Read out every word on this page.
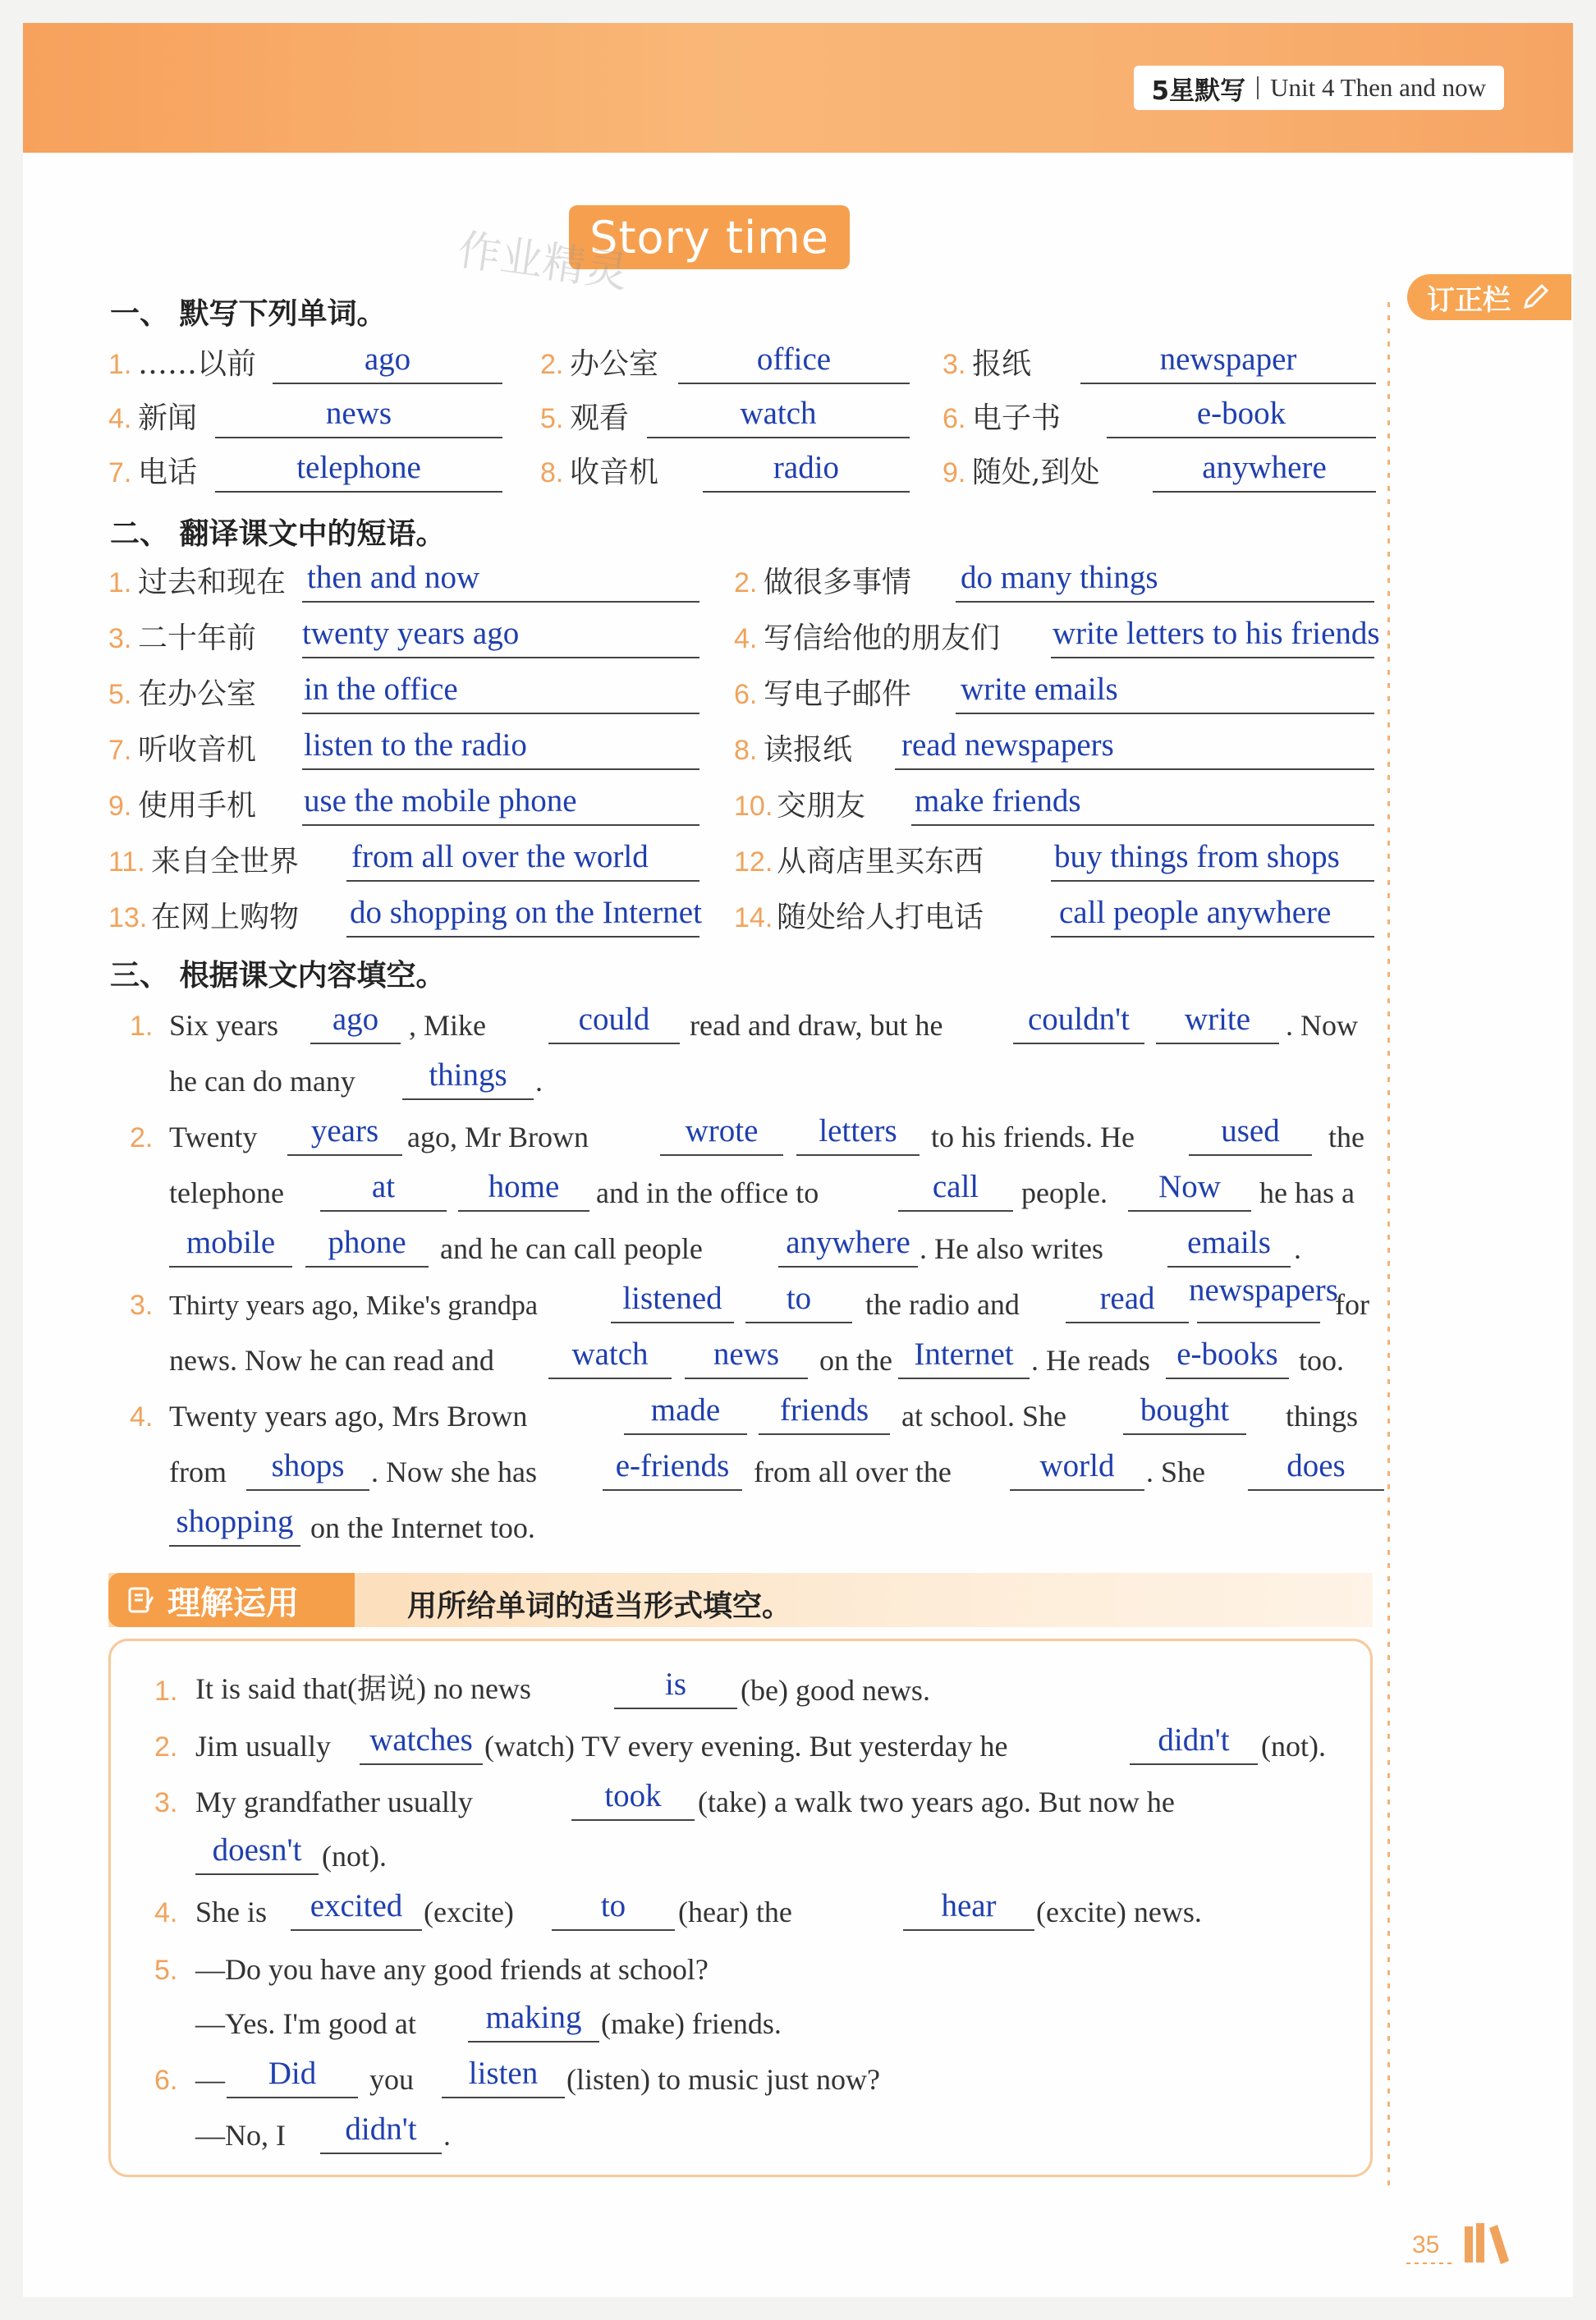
5星默写 Unit 4 Then and now
Story time
作业精灵
订正栏
一、 默写下列单词。
1. ……以前	ago	2. 办公室	office	3. 报纸	newspaper
4. 新闻	news	5. 观看	watch	6. 电子书	e-book
7. 电话	telephone	8. 收音机	radio	9. 随处,到处	anywhere
二、 翻译课文中的短语。
1. 过去和现在 then and now	2. 做很多事情 do many things
3. 二十年前 twenty years ago	4. 写信给他的朋友们 write letters to his friends
5. 在办公室 in the office	6. 写电子邮件 write emails
7. 听收音机 listen to the radio	8. 读报纸 read newspapers
9. 使用手机 use the mobile phone	10. 交朋友 make friends
11. 来自全世界 from all over the world	12. 从商店里买东西 buy things from shops
13. 在网上购物 do shopping on the Internet 14. 随处给人打电话 call people anywhere
三、 根据课文内容填空。
1. Six years	ago	, Mike	could	read and draw, but he	couldn't	write	. Now
he can do many	things .
2. Twenty	years ago, Mr Brown	wrote	letters	to his friends. He	used	the
telephone	at	home	and in the office to	call	people.	Now	he has a
mobile	phone	and he can call people	anywhere . He also writes	emails .
3. Thirty years ago, Mike's grandpa	listened	to	the radio and	read	newspapers
for
news. Now he can read and	watch	news	on the Internet . He reads e-books too.
4. Twenty years ago, Mrs Brown	made	friends	at school. She	bought	things
from	shops . Now she has	e-friends from all over the	world	. She	does
shopping on the Internet too.
理解运用	用所给单词的适当形式填空。
1. It is said that(据说) no news	is	(be) good news.
2. Jim usually	watches (watch) TV every evening. But yesterday he	didn't	(not).
3. My grandfather usually	took	(take) a walk two years ago. But now he
doesn't (not).
4. She is	excited (excite)	to	(hear) the	hear	(excite) news.
5. —Do you have any good friends at school?
—Yes. I'm good at	making (make) friends.
6. —	Did	you	listen (listen) to music just now?
—No, I	didn't .
35
